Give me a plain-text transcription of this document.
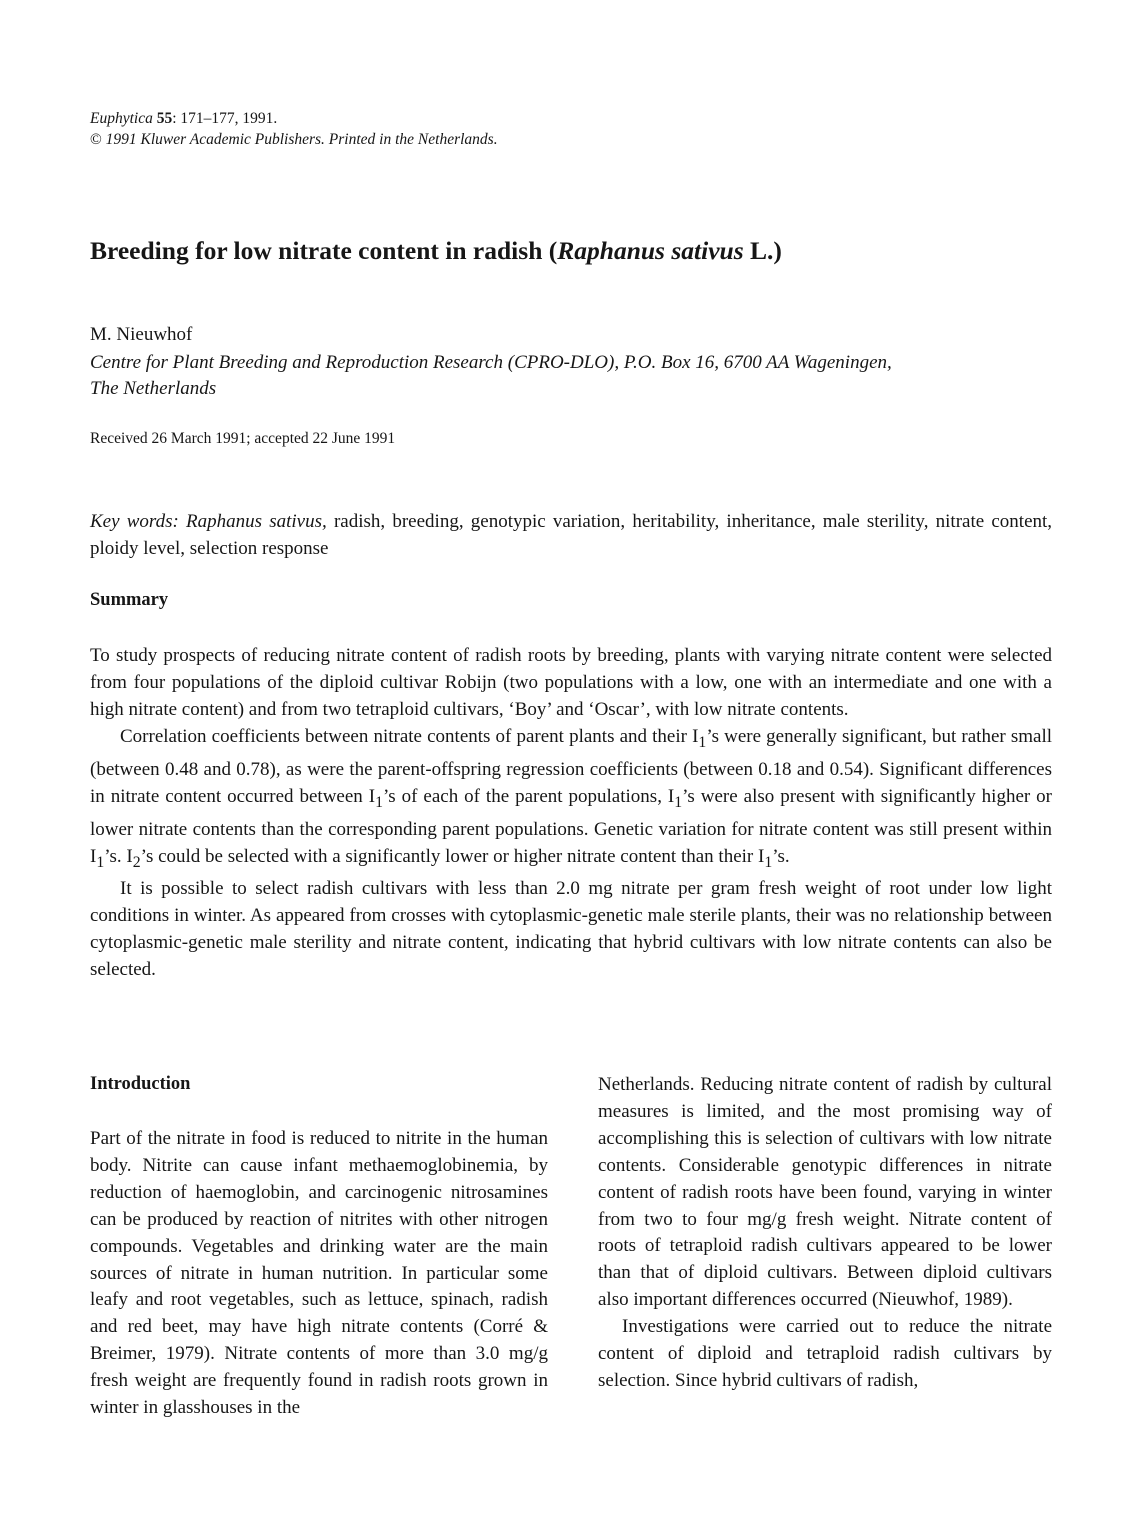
Euphytica 55: 171–177, 1991.
© 1991 Kluwer Academic Publishers. Printed in the Netherlands.
Breeding for low nitrate content in radish (Raphanus sativus L.)
M. Nieuwhof
Centre for Plant Breeding and Reproduction Research (CPRO-DLO), P.O. Box 16, 6700 AA Wageningen,
The Netherlands
Received 26 March 1991; accepted 22 June 1991
Key words: Raphanus sativus, radish, breeding, genotypic variation, heritability, inheritance, male sterility, nitrate content, ploidy level, selection response
Summary

To study prospects of reducing nitrate content of radish roots by breeding, plants with varying nitrate content were selected from four populations of the diploid cultivar Robijn (two populations with a low, one with an intermediate and one with a high nitrate content) and from two tetraploid cultivars, ‘Boy’ and ‘Oscar’, with low nitrate contents.

Correlation coefficients between nitrate contents of parent plants and their $I_1’s$ were generally significant, but rather small (between 0.48 and 0.78), as were the parent-offspring regression coefficients (between 0.18 and 0.54). Significant differences in nitrate content occurred between $I_1’s$ of each of the parent populations, $I_1’s$ were also present with significantly higher or lower nitrate contents than the corresponding parent populations. Genetic variation for nitrate content was still present within $I_1’s$. $I_2’s$ could be selected with a significantly lower or higher nitrate content than their $I_1’s$.

It is possible to select radish cultivars with less than 2.0 mg nitrate per gram fresh weight of root under low light conditions in winter. As appeared from crosses with cytoplasmic-genetic male sterile plants, their was no relationship between cytoplasmic-genetic male sterility and nitrate content, indicating that hybrid cultivars with low nitrate contents can also be selected.

Introduction

Part of the nitrate in food is reduced to nitrite in the human body. Nitrite can cause infant methaemoglobinemia, by reduction of haemoglobin, and carcinogenic nitrosamines can be produced by reaction of nitrites with other nitrogen compounds. Vegetables and drinking water are the main sources of nitrate in human nutrition. In particular some leafy and root vegetables, such as lettuce, spinach, radish and red beet, may have high nitrate contents (Corré & Breimer, 1979). Nitrate contents of more than 3.0 mg/g fresh weight are frequently found in radish roots grown in winter in glasshouses in the

Netherlands. Reducing nitrate content of radish by cultural measures is limited, and the most promising way of accomplishing this is selection of cultivars with low nitrate contents. Considerable genotypic differences in nitrate content of radish roots have been found, varying in winter from two to four mg/g fresh weight. Nitrate content of roots of tetraploid radish cultivars appeared to be lower than that of diploid cultivars. Between diploid cultivars also important differences occurred (Nieuwhof, 1989).

Investigations were carried out to reduce the nitrate content of diploid and tetraploid radish cultivars by selection. Since hybrid cultivars of radish,
